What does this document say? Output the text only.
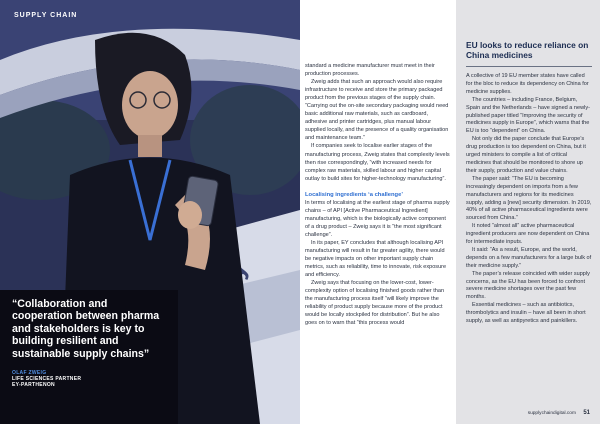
SUPPLY CHAIN
“Collaboration and cooperation between pharma and stakeholders is key to building resilient and sustainable supply chains”
OLAF ZWEIG
LIFE SCIENCES PARTNER
EY-PARTHENON

standard a medicine manufacturer must meet in their production processes.

Zweig adds that such an approach would also require infrastructure to receive and store the primary packaged product from the previous stages of the supply chain. “Carrying out the on-site secondary packaging would need basic additional raw materials, such as cardboard, adhesive and printer cartridges, plus manual labour supplied locally, and the presence of a quality organisation and maintenance team.”

If companies seek to localise earlier stages of the manufacturing process, Zweig states that complexity levels then rise correspondingly, “with increased needs for complex raw materials, skilled labour and higher capital outlay to build sites for higher-technology manufacturing”.

Localising ingredients ‘a challenge’

In terms of localising at the earliest stage of pharma supply chains – of API [Active Pharmaceutical Ingredient] manufacturing, which is the biologically active component of a drug product – Zweig says it is “the most significant challenge”.

In its paper, EY concludes that although localising API manufacturing will result in far greater agility, there would be negative impacts on other important supply chain metrics, such as reliability, time to innovate, risk exposure and efficiency.

Zweig says that focusing on the lower-cost, lower-complexity option of localising finished goods rather than the manufacturing process itself “will likely improve the reliability of product supply because more of the product would be locally stockpiled for distribution”. But he also goes on to warn that “this process would

EU looks to reduce reliance on China medicines

A collective of 19 EU member states have called for the bloc to reduce its dependency on China for medicine supplies.

The countries – including France, Belgium, Spain and the Netherlands – have signed a newly-published paper titled “Improving the security of medicines supply in Europe”, which warns that the EU is too “dependent” on China.

Not only did the paper conclude that Europe’s drug production is too dependent on China, but it urged ministers to compile a list of critical medicines that should be monitored to shore up their supply, production and value chains.

The paper said: “The EU is becoming increasingly dependent on imports from a few manufacturers and regions for its medicines supply, adding a [new] security dimension. In 2019, 40% of all active pharmaceutical ingredients were sourced from China.”

It noted “almost all” active pharmaceutical ingredient producers are now dependent on China for intermediate inputs.

It said: “As a result, Europe, and the world, depends on a few manufacturers for a large bulk of their medicine supply.”

The paper’s release coincided with wider supply concerns, as the EU has been forced to confront severe medicine shortages over the past few months.

Essential medicines – such as antibiotics, thrombolytics and insulin – have all been in short supply, as well as antipyretics and painkillers.

supplychaindigital.com 51
